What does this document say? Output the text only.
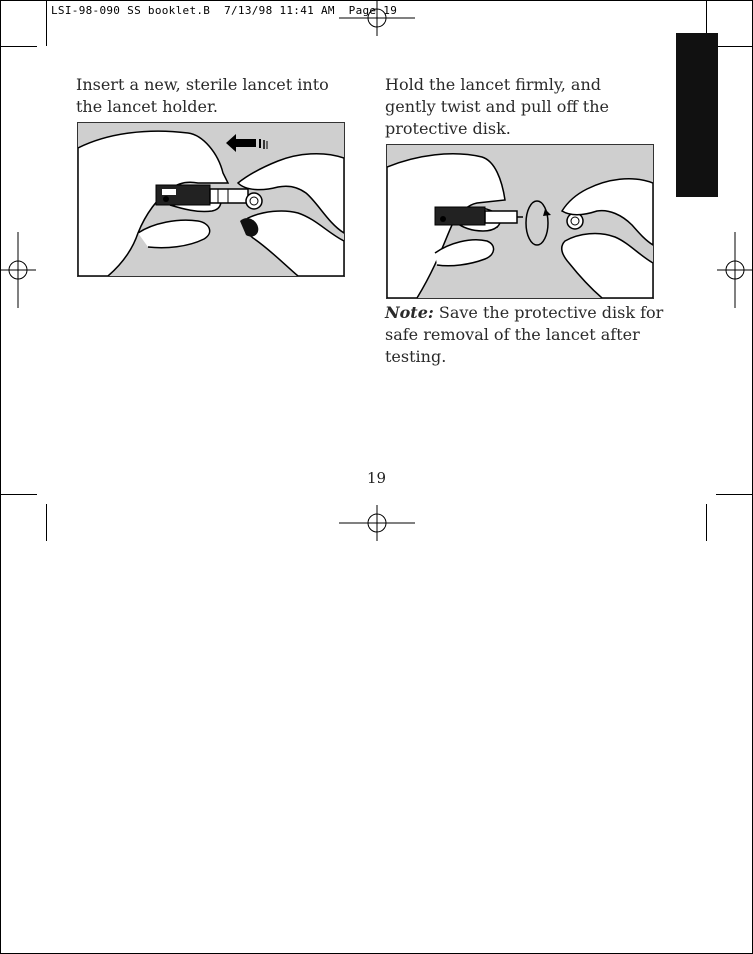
LSI-98-090 SS booklet.B  7/13/98 11:41 AM  Page 19
Insert a new, sterile lancet into the lancet holder.
Hold the lancet firmly, and gently twist and pull off the protective disk.
Note: Save the protective disk for safe removal of the lancet after testing.
19
